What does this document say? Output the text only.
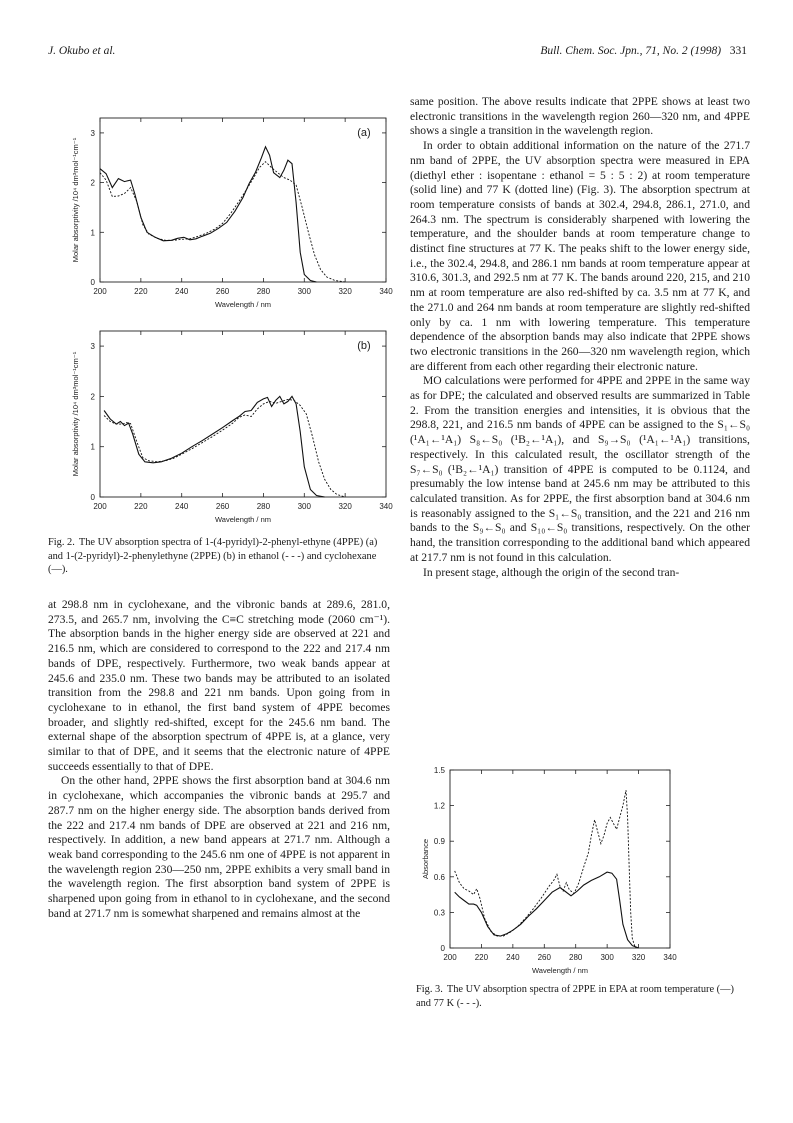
J. Okubo et al.	Bull. Chem. Soc. Jpn., 71, No. 2 (1998) 331
200	220	240	260	280	300	320	340
0
1
2
3
Wavelength / nm
Molar absorptivity /10⁴ dm³mol⁻¹cm⁻¹
(a)
200	220	240	260	280	300	320	340
0
1
2
3
Wavelength / nm
Molar absorptivity /10⁴ dm³mol⁻¹cm⁻¹
(b)
Fig. 2. The UV absorption spectra of 1-(4-pyridyl)-2-phenyl-ethyne (4PPE) (a) and 1-(2-pyridyl)-2-phenylethyne (2PPE) (b) in ethanol (- - -) and cyclohexane (—).

at 298.8 nm in cyclohexane, and the vibronic bands at 289.6, 281.0, 273.5, and 265.7 nm, involving the C≡C stretching mode (2060 cm⁻¹). The absorption bands in the higher energy side are observed at 221 and 216.5 nm, which are considered to correspond to the 222 and 217.4 nm bands of DPE, respectively. Furthermore, two weak bands appear at 245.6 and 235.0 nm. These two bands may be attributed to an isolated transition from the 298.8 and 221 nm bands. Upon going from in cyclohexane to in ethanol, the first band system of 4PPE becomes broader, and slightly red-shifted, except for the 245.6 nm band. The external shape of the absorption spectrum of 4PPE is, at a glance, very similar to that of DPE, and it seems that the electronic nature of 4PPE succeeds essentially to that of DPE.

On the other hand, 2PPE shows the first absorption band at 304.6 nm in cyclohexane, which accompanies the vibronic bands at 295.7 and 287.7 nm on the higher energy side. The absorption bands derived from the 222 and 217.4 nm bands of DPE are observed at 221 and 216 nm, respectively. In addition, a new band appears at 271.7 nm. Although a weak band corresponding to the 245.6 nm one of 4PPE is not apparent in the wavelength region 230—250 nm, 2PPE exhibits a very small band in the wavelength region. The first absorption band system of 2PPE is sharpened upon going from in ethanol to in cyclohexane, and the second band at 271.7 nm is somewhat sharpened and remains almost at the

same position. The above results indicate that 2PPE shows at least two electronic transitions in the wavelength region 260—320 nm, and 4PPE shows a single a transition in the wavelength region.

In order to obtain additional information on the nature of the 271.7 nm band of 2PPE, the UV absorption spectra were measured in EPA (diethyl ether : isopentane : ethanol = 5 : 5 : 2) at room temperature (solid line) and 77 K (dotted line) (Fig. 3). The absorption spectrum at room temperature consists of bands at 302.4, 294.8, 286.1, 271.0, and 264.3 nm. The spectrum is considerably sharpened with lowering the temperature, and the shoulder bands at room temperature change to distinct fine structures at 77 K. The peaks shift to the lower energy side, i.e., the 302.4, 294.8, and 286.1 nm bands at room temperature appear at 310.6, 301.3, and 292.5 nm at 77 K. The bands around 220, 215, and 210 nm at room temperature are also red-shifted by ca. 3.5 nm at 77 K, and the 271.0 and 264 nm bands at room temperature are slightly red-shifted only by ca. 1 nm with lowering temperature. This temperature dependence of the absorption bands may also indicate that 2PPE shows two electronic transitions in the 260—320 nm wavelength region, which are different from each other regarding their electronic nature.

MO calculations were performed for 4PPE and 2PPE in the same way as for DPE; the calculated and observed results are summarized in Table 2. From the transition energies and intensities, it is obvious that the 298.8, 221, and 216.5 nm bands of 4PPE can be assigned to the S₁←S₀ (¹A₁←¹A₁) S₈←S₀ (¹B₂←¹A₁), and S₉→S₀ (¹A₁←¹A₁) transitions, respectively. In this calculated result, the oscillator strength of the S₇←S₀ (¹B₂←¹A₁) transition of 4PPE is computed to be 0.1124, and presumably the low intense band at 245.6 nm may be attributed to this calculated transition. As for 2PPE, the first absorption band at 304.6 nm is reasonably assigned to the S₁←S₀ transition, and the 221 and 216 nm bands to the S₉←S₀ and S₁₀←S₀ transitions, respectively. On the other hand, the transition corresponding to the additional band which appeared at 217.7 nm is not found in this calculation.

In present stage, although the origin of the second tran-

200 220 240 260 280 300 320 340
0
0.3
0.6
0.9
1.2
1.5
Wavelength / nm
Absorbance
Fig. 3. The UV absorption spectra of 2PPE in EPA at room temperature (—) and 77 K (- - -).
